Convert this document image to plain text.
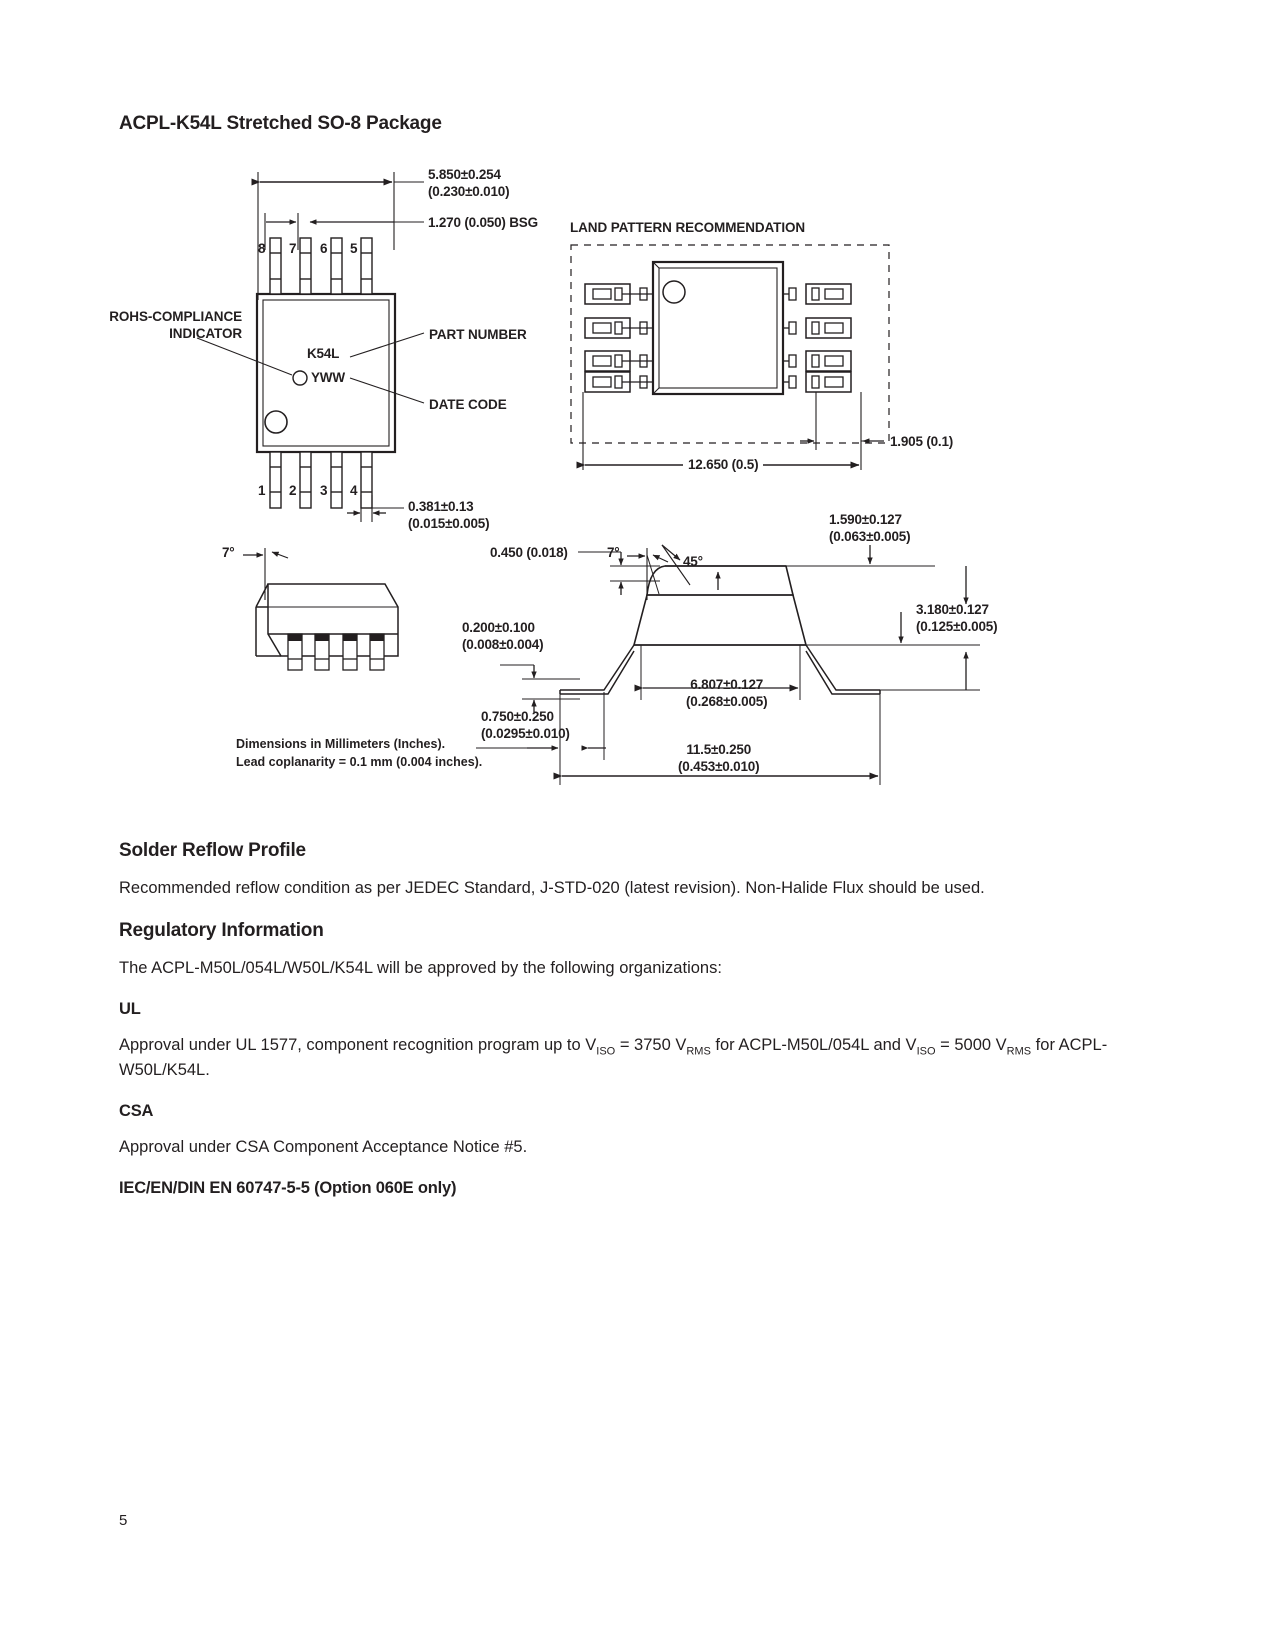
ACPL-K54L Stretched SO-8 Package
5.850±0.254
(0.230±0.010)
1.270 (0.050) BSG
8 7 6 5
1 2 3 4
K54L
YWW
ROHS-COMPLIANCE
INDICATOR	PART NUMBER
DATE CODE
0.381±0.13
(0.015±0.005)
LAND PATTERN RECOMMENDATION
1.905 (0.1)
12.650 (0.5)
7°	0.450 (0.018)	7°
45°
1.590±0.127
(0.063±0.005)
3.180±0.127
(0.125±0.005)
0.200±0.100
(0.008±0.004)
6.807±0.127
(0.268±0.005)
0.750±0.250
(0.0295±0.010)
11.5±0.250
(0.453±0.010)
Dimensions in Millimeters (Inches).
Lead coplanarity = 0.1 mm (0.004 inches).
Solder Reflow Profile
Recommended reflow condition as per JEDEC Standard, J-STD-020 (latest revision). Non-Halide Flux should be used.
Regulatory Information
The ACPL-M50L/054L/W50L/K54L will be approved by the following organizations:
UL
Approval under UL 1577, component recognition program up to $V_{ISO} = 3750$ $V_{RMS}$ for ACPL-M50L/054L and $V_{ISO} = 5000$ $V_{RMS}$ for ACPL-W50L/K54L.
CSA
Approval under CSA Component Acceptance Notice #5.
IEC/EN/DIN EN 60747-5-5 (Option 060E only)
5
